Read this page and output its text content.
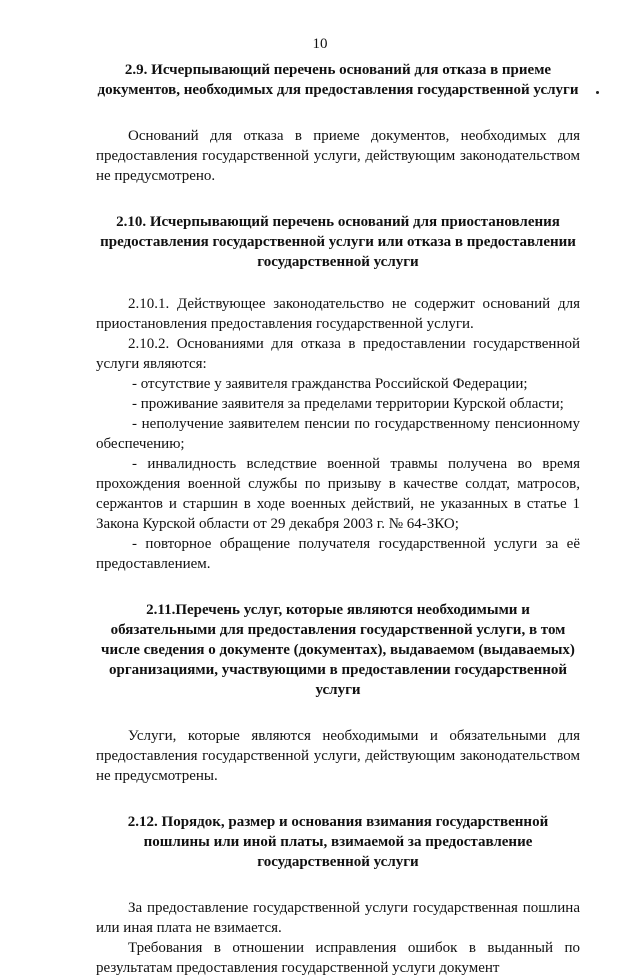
10
2.9. Исчерпывающий перечень оснований для отказа в приеме
документов, необходимых для предоставления государственной услуги

Оснований для отказа в приеме документов, необходимых для предоставления государственной услуги, действующим законодательством не предусмотрено.

2.10. Исчерпывающий перечень оснований для приостановления
предоставления государственной услуги или отказа в предоставлении
государственной услуги

2.10.1. Действующее законодательство не содержит оснований для приостановления предоставления государственной услуги.

2.10.2. Основаниями для отказа в предоставлении государственной услуги являются:

- отсутствие у заявителя гражданства Российской Федерации;

- проживание заявителя за пределами территории Курской области;

- неполучение заявителем пенсии по государственному пенсионному обеспечению;

- инвалидность вследствие военной травмы получена во время прохождения военной службы по призыву в качестве солдат, матросов, сержантов и старшин в ходе военных действий, не указанных в статье 1 Закона Курской области от 29 декабря 2003 г. № 64-ЗКО;

- повторное обращение получателя государственной услуги за её предоставлением.

2.11.Перечень услуг, которые являются необходимыми и
обязательными для предоставления государственной услуги, в том
числе сведения о документе (документах), выдаваемом (выдаваемых)
организациями, участвующими в предоставлении государственной
услуги

Услуги, которые являются необходимыми и обязательными для предоставления государственной услуги, действующим законодательством не предусмотрены.

2.12. Порядок, размер и основания взимания государственной
пошлины или иной платы, взимаемой за предоставление
государственной услуги

За предоставление государственной услуги государственная пошлина или иная плата не взимается.

Требования в отношении исправления ошибок в выданный по результатам предоставления государственной услуги документ
